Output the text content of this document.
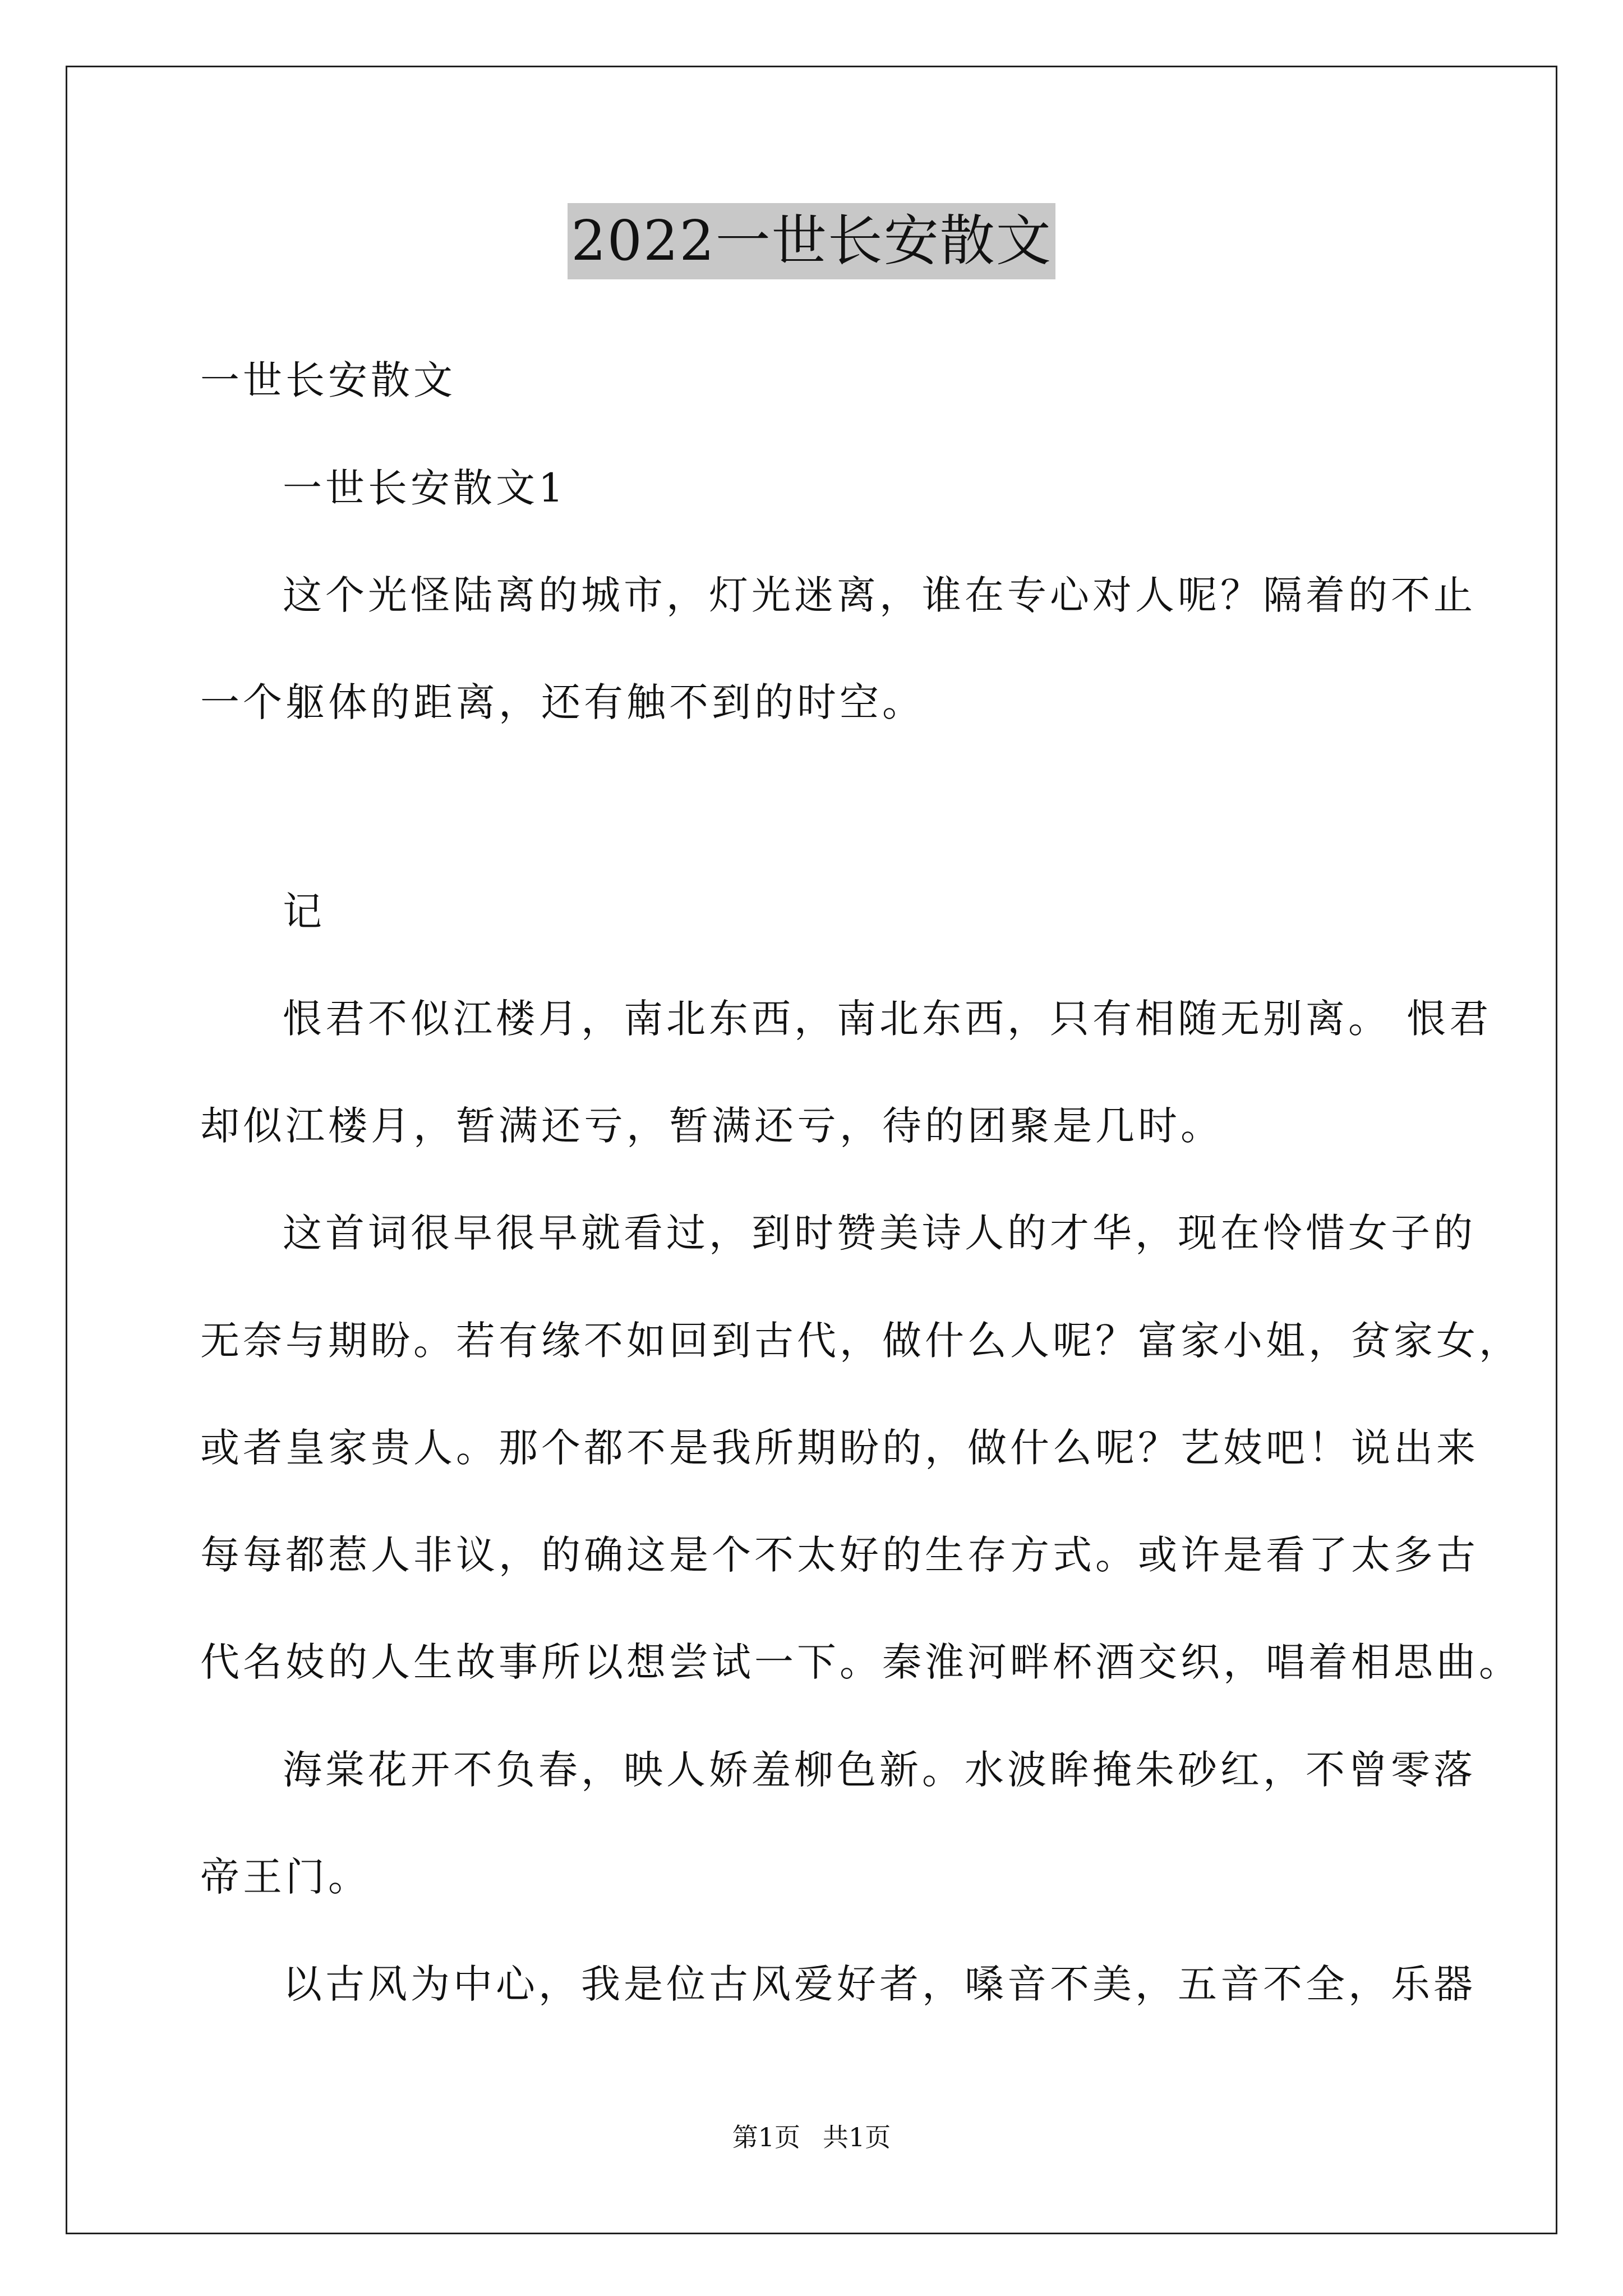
2022一世长安散文
一世长安散文
一世长安散文1
这个光怪陆离的城市，灯光迷离，谁在专心对人呢？隔着的不止
一个躯体的距离，还有触不到的时空。
记
恨君不似江楼月，南北东西，南北东西，只有相随无别离。 恨君
却似江楼月，暂满还亏，暂满还亏，待的团聚是几时。
这首词很早很早就看过，到时赞美诗人的才华，现在怜惜女子的
无奈与期盼。若有缘不如回到古代，做什么人呢？富家小姐，贫家女，
或者皇家贵人。那个都不是我所期盼的，做什么呢？艺妓吧！说出来
每每都惹人非议，的确这是个不太好的生存方式。或许是看了太多古
代名妓的人生故事所以想尝试一下。秦淮河畔杯酒交织，唱着相思曲。
海棠花开不负春，映人娇羞柳色新。水波眸掩朱砂红，不曾零落
帝王门。
以古风为中心，我是位古风爱好者，嗓音不美，五音不全，乐器
第1页 共1页
